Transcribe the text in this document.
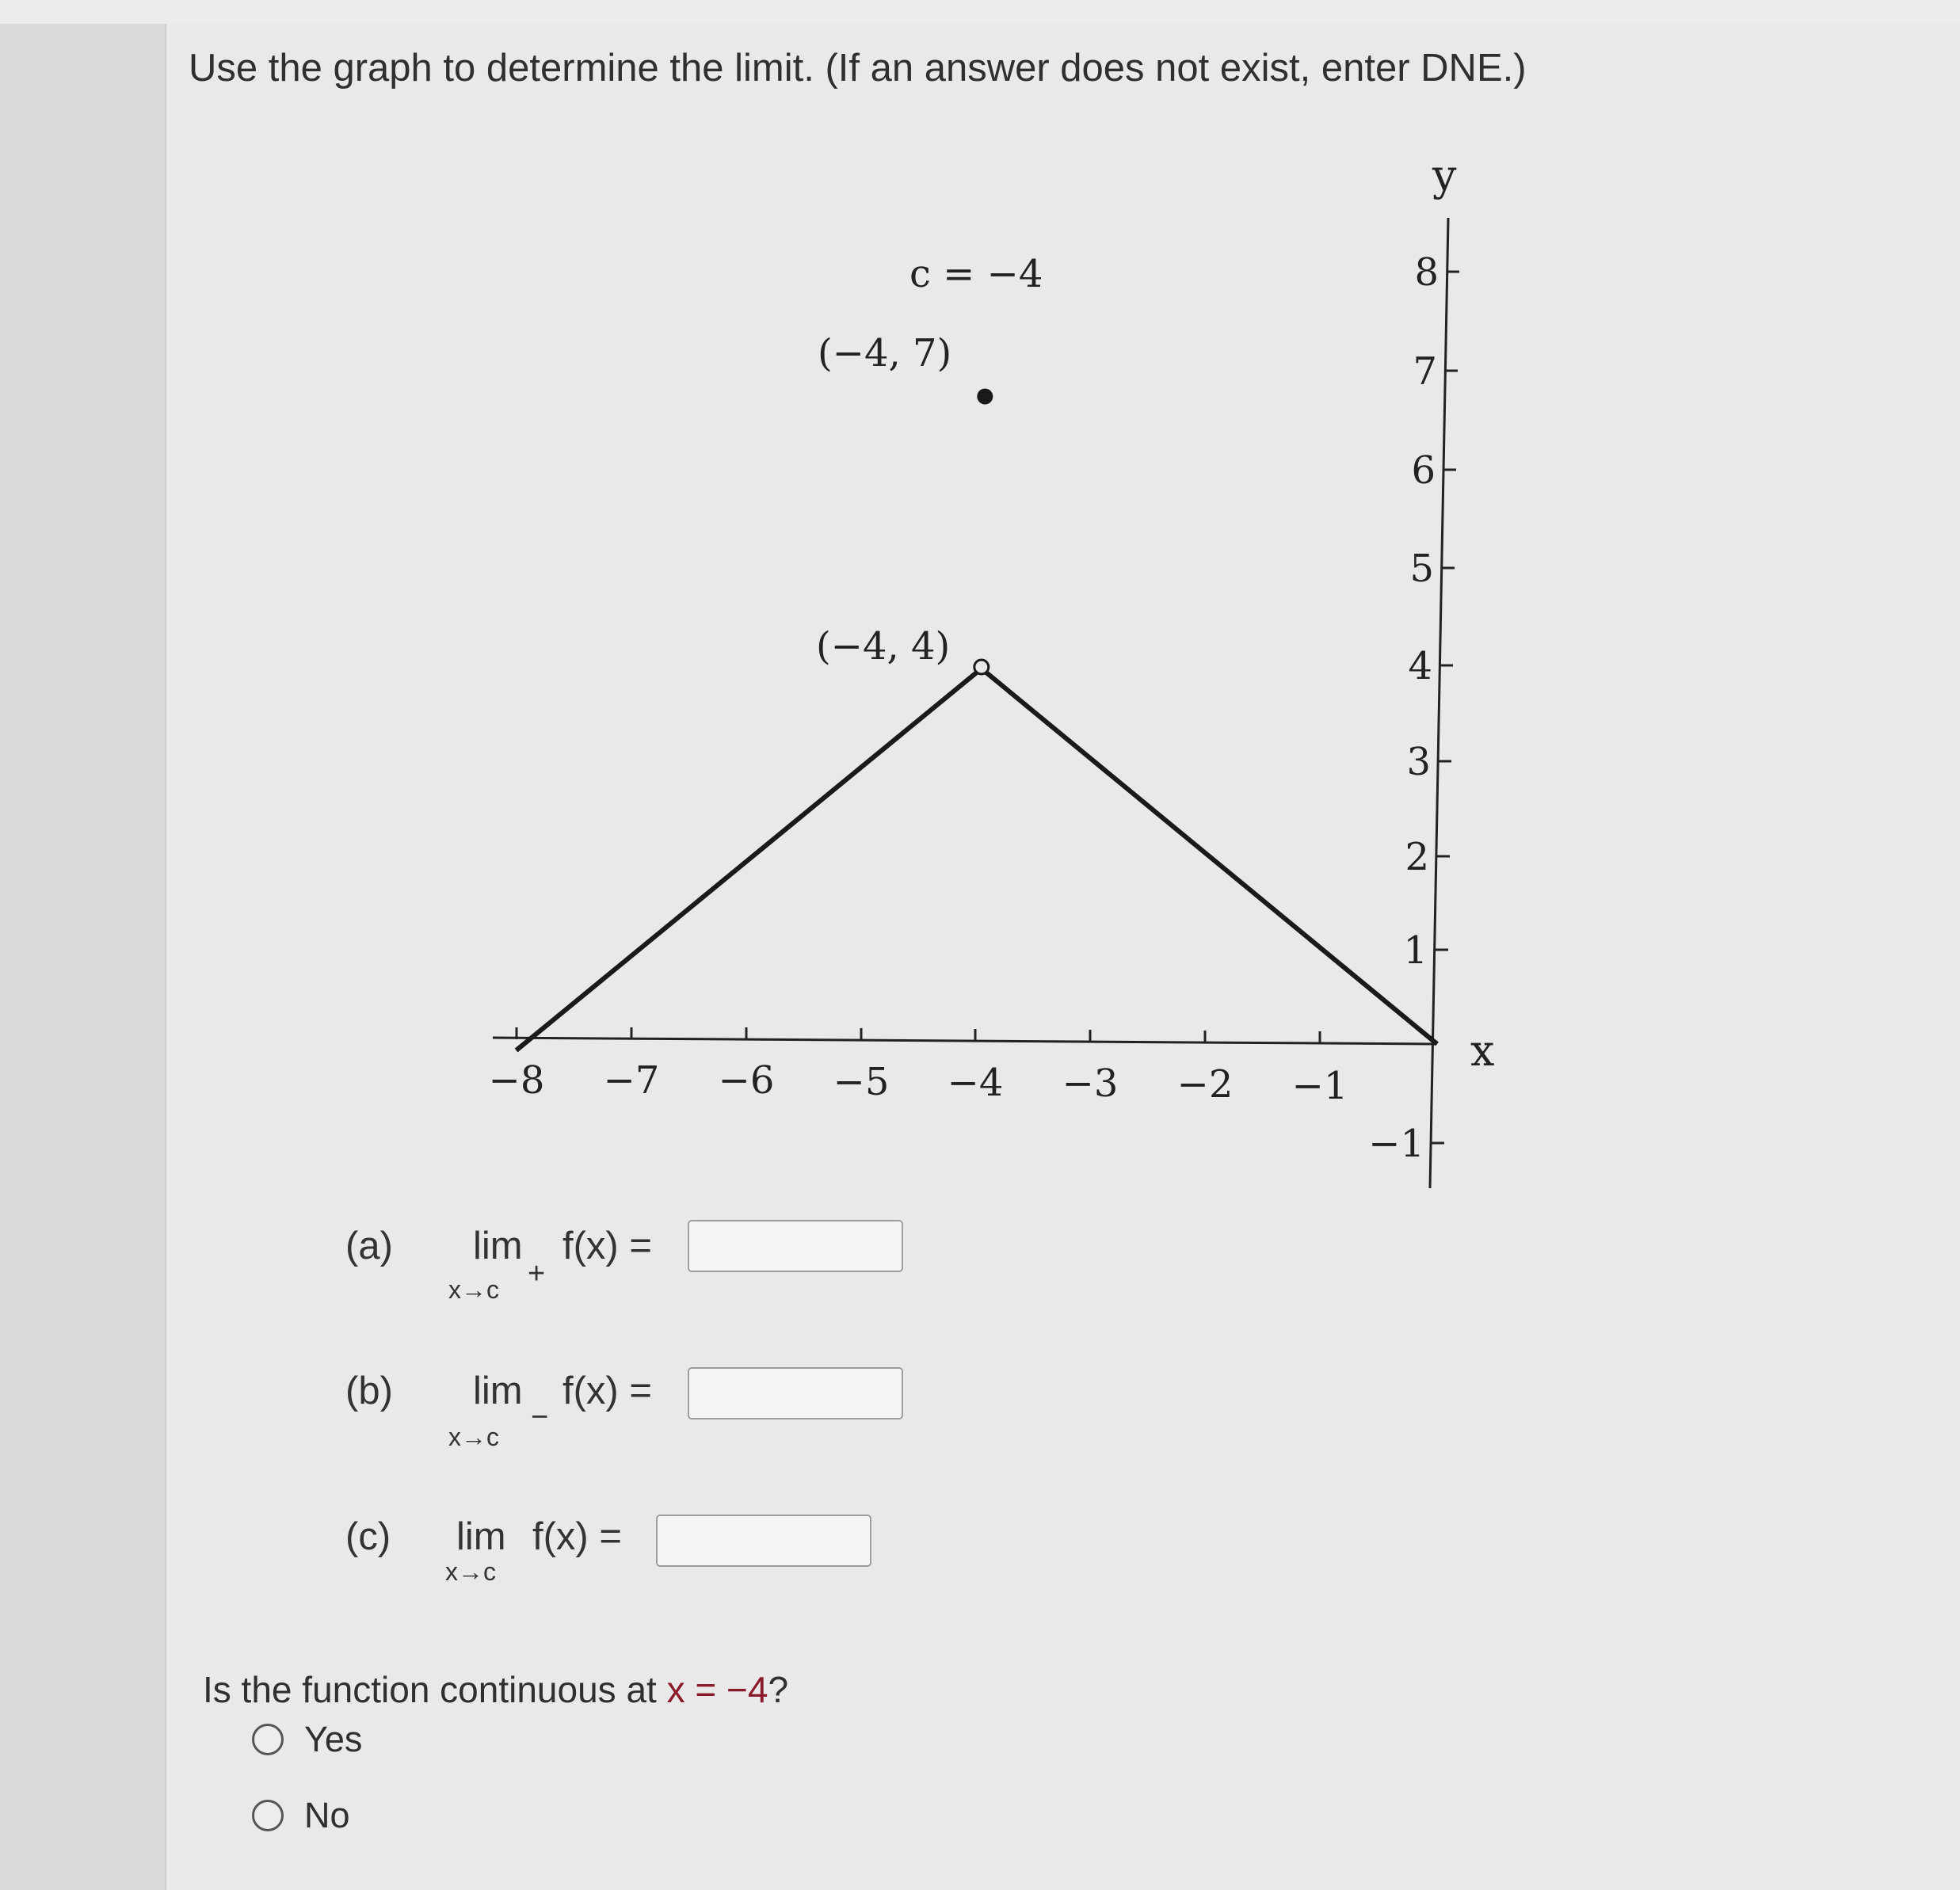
Use the graph to determine the limit. (If an answer does not exist, enter DNE.)
c = −4
(−4, 7)
(−4, 4)
y
x
−8 −7 −6 −5 −4 −3 −2 −1
8
7
6
5
4
3
2
1
−1
(a) lim
x→c +
f(x) =
(b) lim
x→c
−
f(x) =
(c) lim
x→c
f(x) =
Is the function continuous at x = −4?
Yes
No
